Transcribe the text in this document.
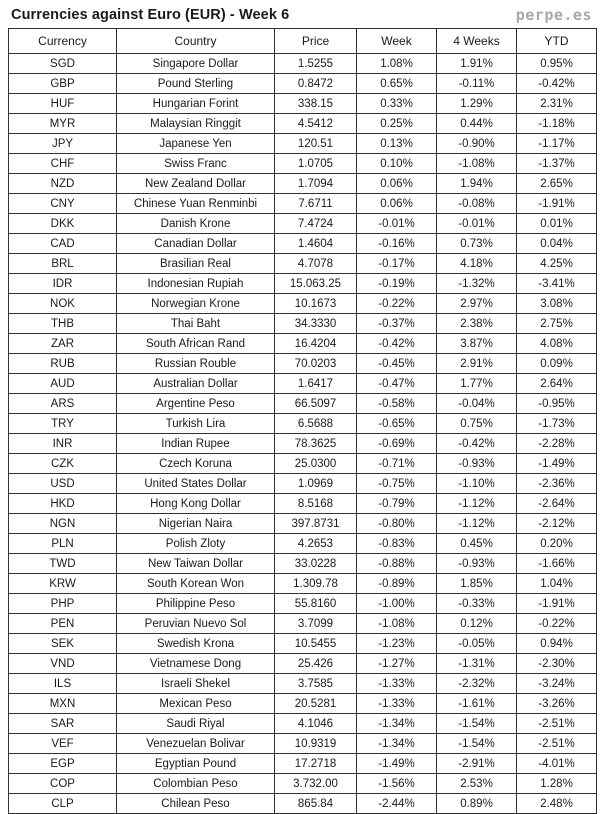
Currencies against Euro (EUR) - Week 6	perpe.es
Currency	Country	Price	Week	4 Weeks	YTD
SGD	Singapore Dollar	1.5255	1.08%	1.91%	0.95%
GBP	Pound Sterling	0.8472	0.65%	-0.11%	-0.42%
HUF	Hungarian Forint	338.15	0.33%	1.29%	2.31%
MYR	Malaysian Ringgit	4.5412	0.25%	0.44%	-1.18%
JPY	Japanese Yen	120.51	0.13%	-0.90%	-1.17%
CHF	Swiss Franc	1.0705	0.10%	-1.08%	-1.37%
NZD	New Zealand Dollar	1.7094	0.06%	1.94%	2.65%
CNY	Chinese Yuan Renminbi	7.6711	0.06%	-0.08%	-1.91%
DKK	Danish Krone	7.4724	-0.01%	-0.01%	0.01%
CAD	Canadian Dollar	1.4604	-0.16%	0.73%	0.04%
BRL	Brasilian Real	4.7078	-0.17%	4.18%	4.25%
IDR	Indonesian Rupiah	15.063.25	-0.19%	-1.32%	-3.41%
NOK	Norwegian Krone	10.1673	-0.22%	2.97%	3.08%
THB	Thai Baht	34.3330	-0.37%	2.38%	2.75%
ZAR	South African Rand	16.4204	-0.42%	3.87%	4.08%
RUB	Russian Rouble	70.0203	-0.45%	2.91%	0.09%
AUD	Australian Dollar	1.6417	-0.47%	1.77%	2.64%
ARS	Argentine Peso	66.5097	-0.58%	-0.04%	-0.95%
TRY	Turkish Lira	6.5688	-0.65%	0.75%	-1.73%
INR	Indian Rupee	78.3625	-0.69%	-0.42%	-2.28%
CZK	Czech Koruna	25.0300	-0.71%	-0.93%	-1.49%
USD	United States Dollar	1.0969	-0.75%	-1.10%	-2.36%
HKD	Hong Kong Dollar	8.5168	-0.79%	-1.12%	-2.64%
NGN	Nigerian Naira	397.8731	-0.80%	-1.12%	-2.12%
PLN	Polish Zloty	4.2653	-0.83%	0.45%	0.20%
TWD	New Taiwan Dollar	33.0228	-0.88%	-0.93%	-1.66%
KRW	South Korean Won	1.309.78	-0.89%	1.85%	1.04%
PHP	Philippine Peso	55.8160	-1.00%	-0.33%	-1.91%
PEN	Peruvian Nuevo Sol	3.7099	-1.08%	0.12%	-0.22%
SEK	Swedish Krona	10.5455	-1.23%	-0.05%	0.94%
VND	Vietnamese Dong	25.426	-1.27%	-1.31%	-2.30%
ILS	Israeli Shekel	3.7585	-1.33%	-2.32%	-3.24%
MXN	Mexican Peso	20.5281	-1.33%	-1.61%	-3.26%
SAR	Saudi Riyal	4.1046	-1.34%	-1.54%	-2.51%
VEF	Venezuelan Bolivar	10.9319	-1.34%	-1.54%	-2.51%
EGP	Egyptian Pound	17.2718	-1.49%	-2.91%	-4.01%
COP	Colombian Peso	3.732.00	-1.56%	2.53%	1.28%
CLP	Chilean Peso	865.84	-2.44%	0.89%	2.48%
